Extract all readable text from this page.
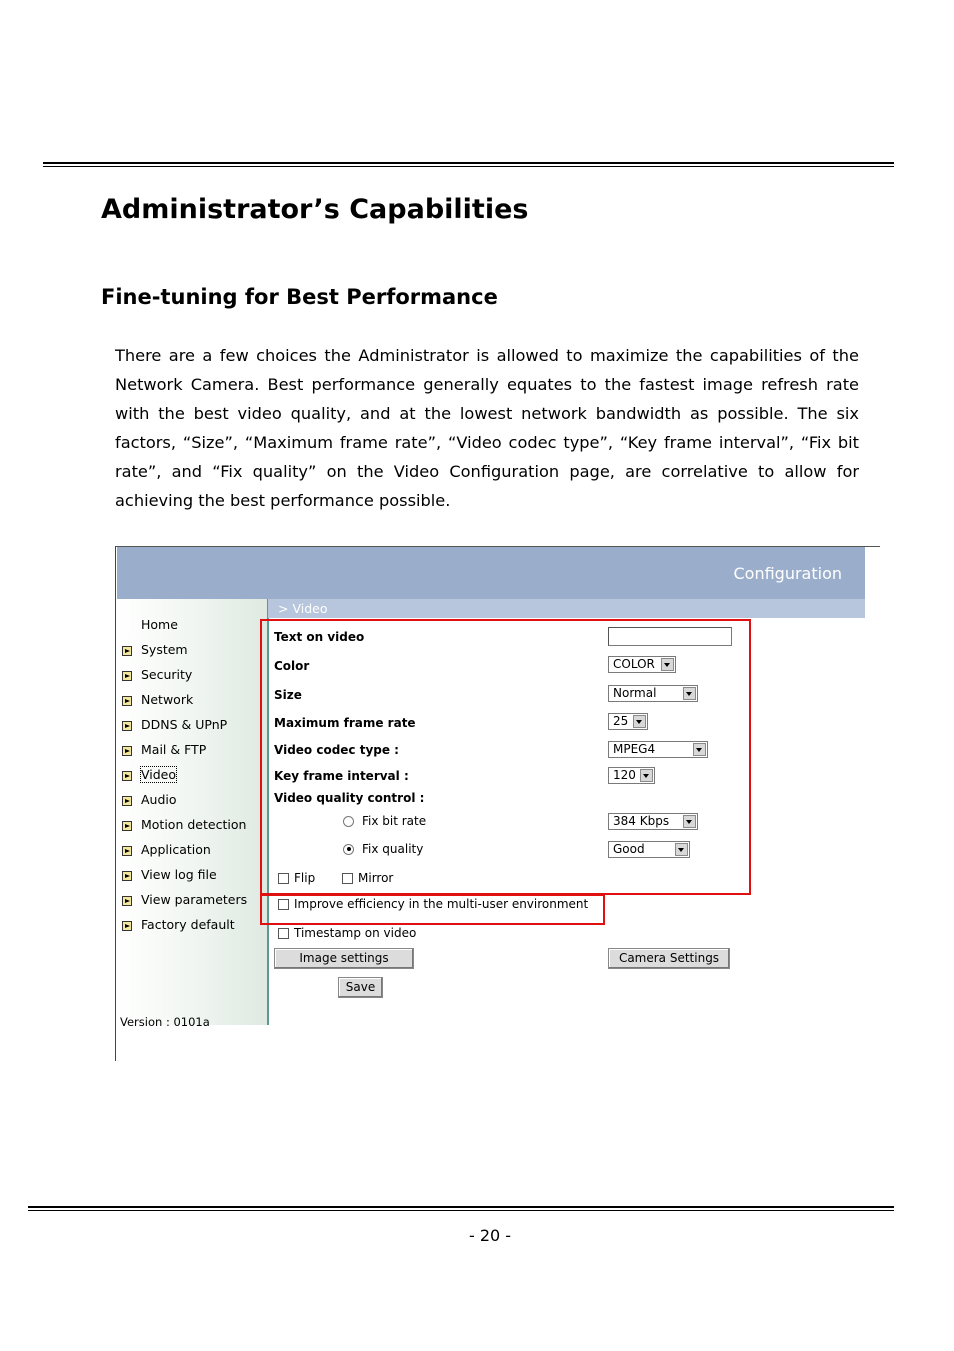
Administrator’s Capabilities
Fine-tuning for Best Performance

There are a few choices the Administrator is allowed to maximize the capabilities of the Network Camera. Best performance generally equates to the fastest image refresh rate with the best video quality, and at the lowest network bandwidth as possible. The six factors, “Size”, “Maximum frame rate”, “Video codec type”, “Key frame interval”, “Fix bit rate”, and “Fix quality” on the Video Configuration page, are correlative to allow for achieving the best performance possible.

Configuration
Home
System
Security
Network
DDNS & UPnP
Mail & FTP
Video
Audio
Motion detection
Application
View log file
View parameters
Factory default
Version : 0101a
> Video
Text on video
Color	COLOR
Size	Normal
Maximum frame rate	25
Video codec type :	MPEG4
Key frame interval :	120
Video quality control :
Fix bit rate	384 Kbps
Fix quality	Good
Flip	Mirror
Improve efficiency in the multi-user environment
Timestamp on video
Image settings	Camera Settings
Save
- 20 -
